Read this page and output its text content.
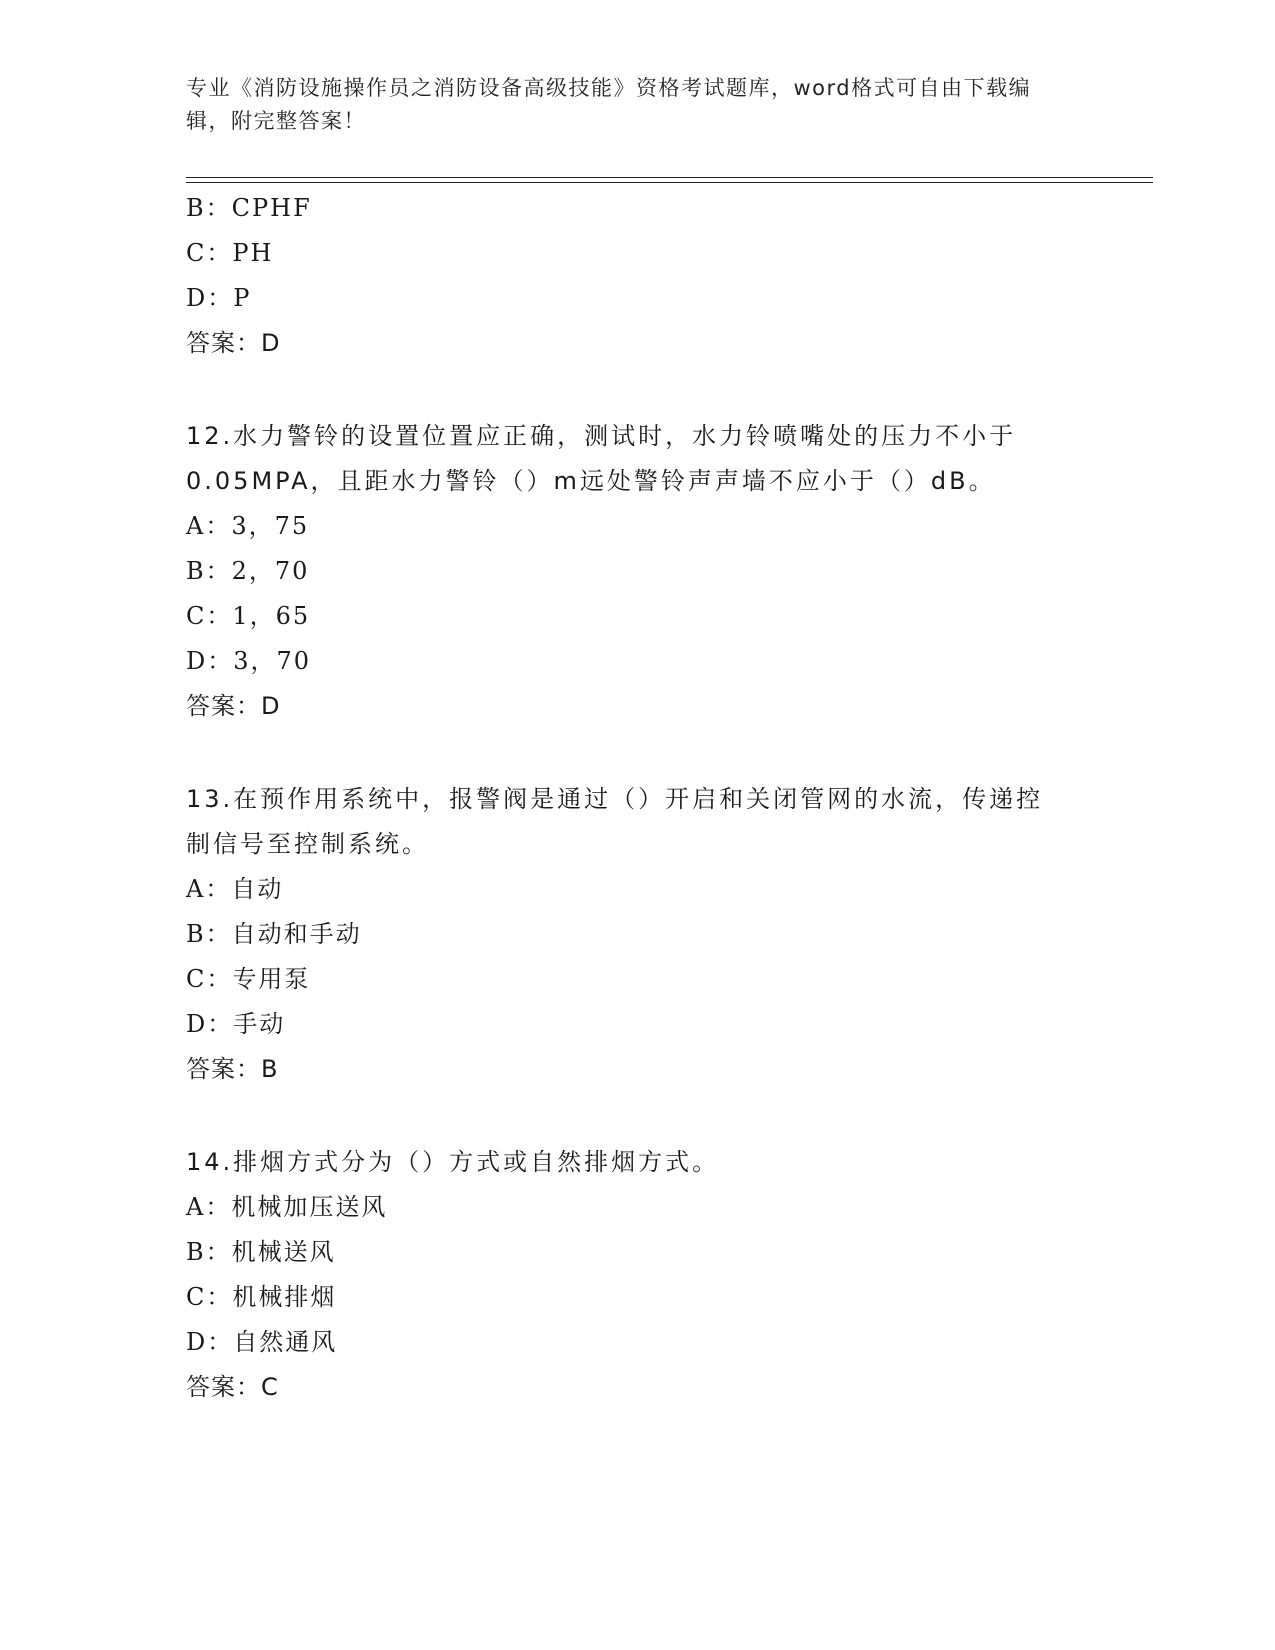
专业《消防设施操作员之消防设备高级技能》资格考试题库，word格式可自由下载编辑，附完整答案！
B：CPHF
C：PH
D：P
答案：D
12.水力警铃的设置位置应正确，测试时，水力铃喷嘴处的压力不小于0.05MPA，且距水力警铃（）m远处警铃声声墙不应小于（）dB。
A：3，75
B：2，70
C：1，65
D：3，70
答案：D
13.在预作用系统中，报警阀是通过（）开启和关闭管网的水流，传递控制信号至控制系统。
A：自动
B：自动和手动
C：专用泵
D：手动
答案：B
14.排烟方式分为（）方式或自然排烟方式。
A：机械加压送风
B：机械送风
C：机械排烟
D：自然通风
答案：C
